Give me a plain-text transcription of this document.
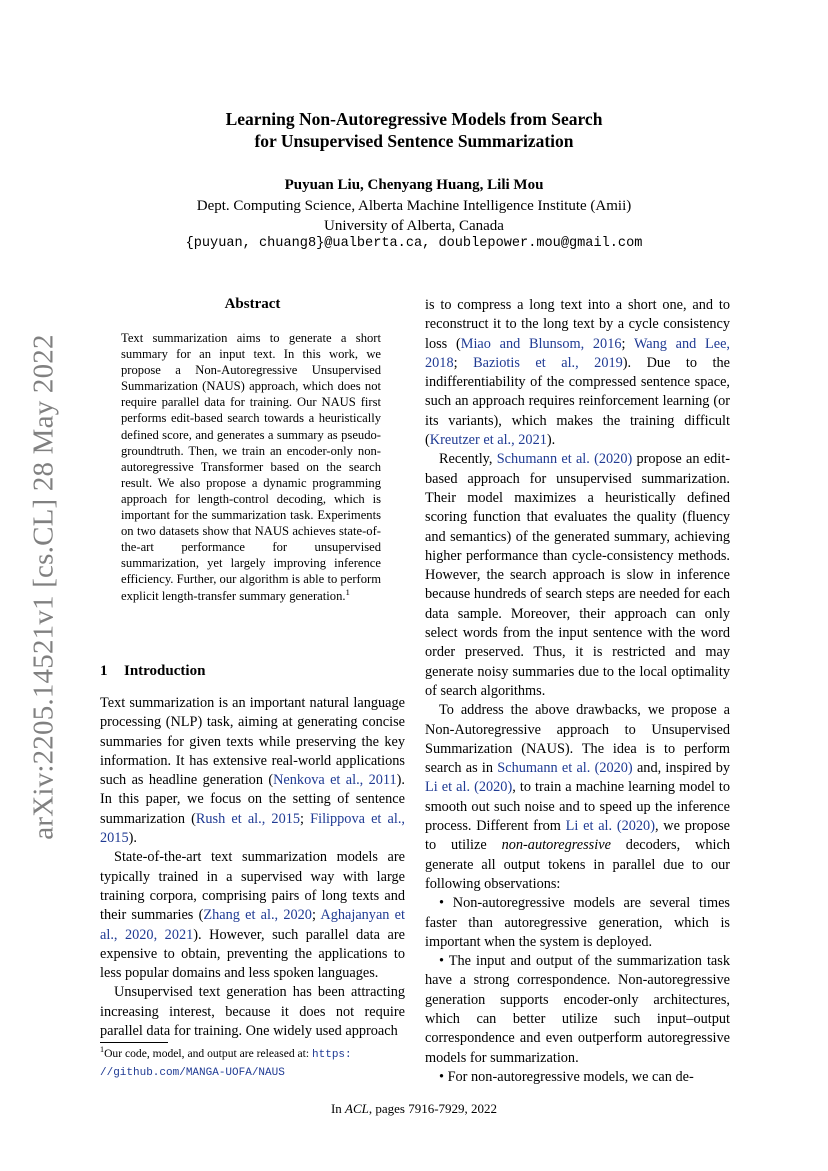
Learning Non-Autoregressive Models from Search
for Unsupervised Sentence Summarization
Puyuan Liu, Chenyang Huang, Lili Mou
Dept. Computing Science, Alberta Machine Intelligence Institute (Amii)
University of Alberta, Canada
{puyuan, chuang8}@ualberta.ca, doublepower.mou@gmail.com
arXiv:2205.14521v1 [cs.CL] 28 May 2022
Abstract
Text summarization aims to generate a short summary for an input text. In this work, we propose a Non-Autoregressive Unsupervised Summarization (NAUS) approach, which does not require parallel data for training. Our NAUS first performs edit-based search towards a heuristically defined score, and generates a summary as pseudo-groundtruth. Then, we train an encoder-only non-autoregressive Transformer based on the search result. We also propose a dynamic programming approach for length-control decoding, which is important for the summarization task. Experiments on two datasets show that NAUS achieves state-of-the-art performance for unsupervised summarization, yet largely improving inference efficiency. Further, our algorithm is able to perform explicit length-transfer summary generation.$^1$
1 Introduction

Text summarization is an important natural language processing (NLP) task, aiming at generating concise summaries for given texts while preserving the key information. It has extensive real-world applications such as headline generation (Nenkova et al., 2011). In this paper, we focus on the setting of sentence summarization (Rush et al., 2015; Filippova et al., 2015).

State-of-the-art text summarization models are typically trained in a supervised way with large training corpora, comprising pairs of long texts and their summaries (Zhang et al., 2020; Aghajanyan et al., 2020, 2021). However, such parallel data are expensive to obtain, preventing the applications to less popular domains and less spoken languages.

Unsupervised text generation has been attracting increasing interest, because it does not require parallel data for training. One widely used approach

$^1$Our code, model, and output are released at: https:
//github.com/MANGA-UOFA/NAUS

is to compress a long text into a short one, and to reconstruct it to the long text by a cycle consistency loss (Miao and Blunsom, 2016; Wang and Lee, 2018; Baziotis et al., 2019). Due to the indifferentiability of the compressed sentence space, such an approach requires reinforcement learning (or its variants), which makes the training difficult (Kreutzer et al., 2021).

Recently, Schumann et al. (2020) propose an edit-based approach for unsupervised summarization. Their model maximizes a heuristically defined scoring function that evaluates the quality (fluency and semantics) of the generated summary, achieving higher performance than cycle-consistency methods. However, the search approach is slow in inference because hundreds of search steps are needed for each data sample. Moreover, their approach can only select words from the input sentence with the word order preserved. Thus, it is restricted and may generate noisy summaries due to the local optimality of search algorithms.

To address the above drawbacks, we propose a Non-Autoregressive approach to Unsupervised Summarization (NAUS). The idea is to perform search as in Schumann et al. (2020) and, inspired by Li et al. (2020), to train a machine learning model to smooth out such noise and to speed up the inference process. Different from Li et al. (2020), we propose to utilize non-autoregressive decoders, which generate all output tokens in parallel due to our following observations:

• Non-autoregressive models are several times faster than autoregressive generation, which is important when the system is deployed.

• The input and output of the summarization task have a strong correspondence. Non-autoregressive generation supports encoder-only architectures, which can better utilize such input–output correspondence and even outperform autoregressive models for summarization.

• For non-autoregressive models, we can de-

In ACL, pages 7916-7929, 2022
